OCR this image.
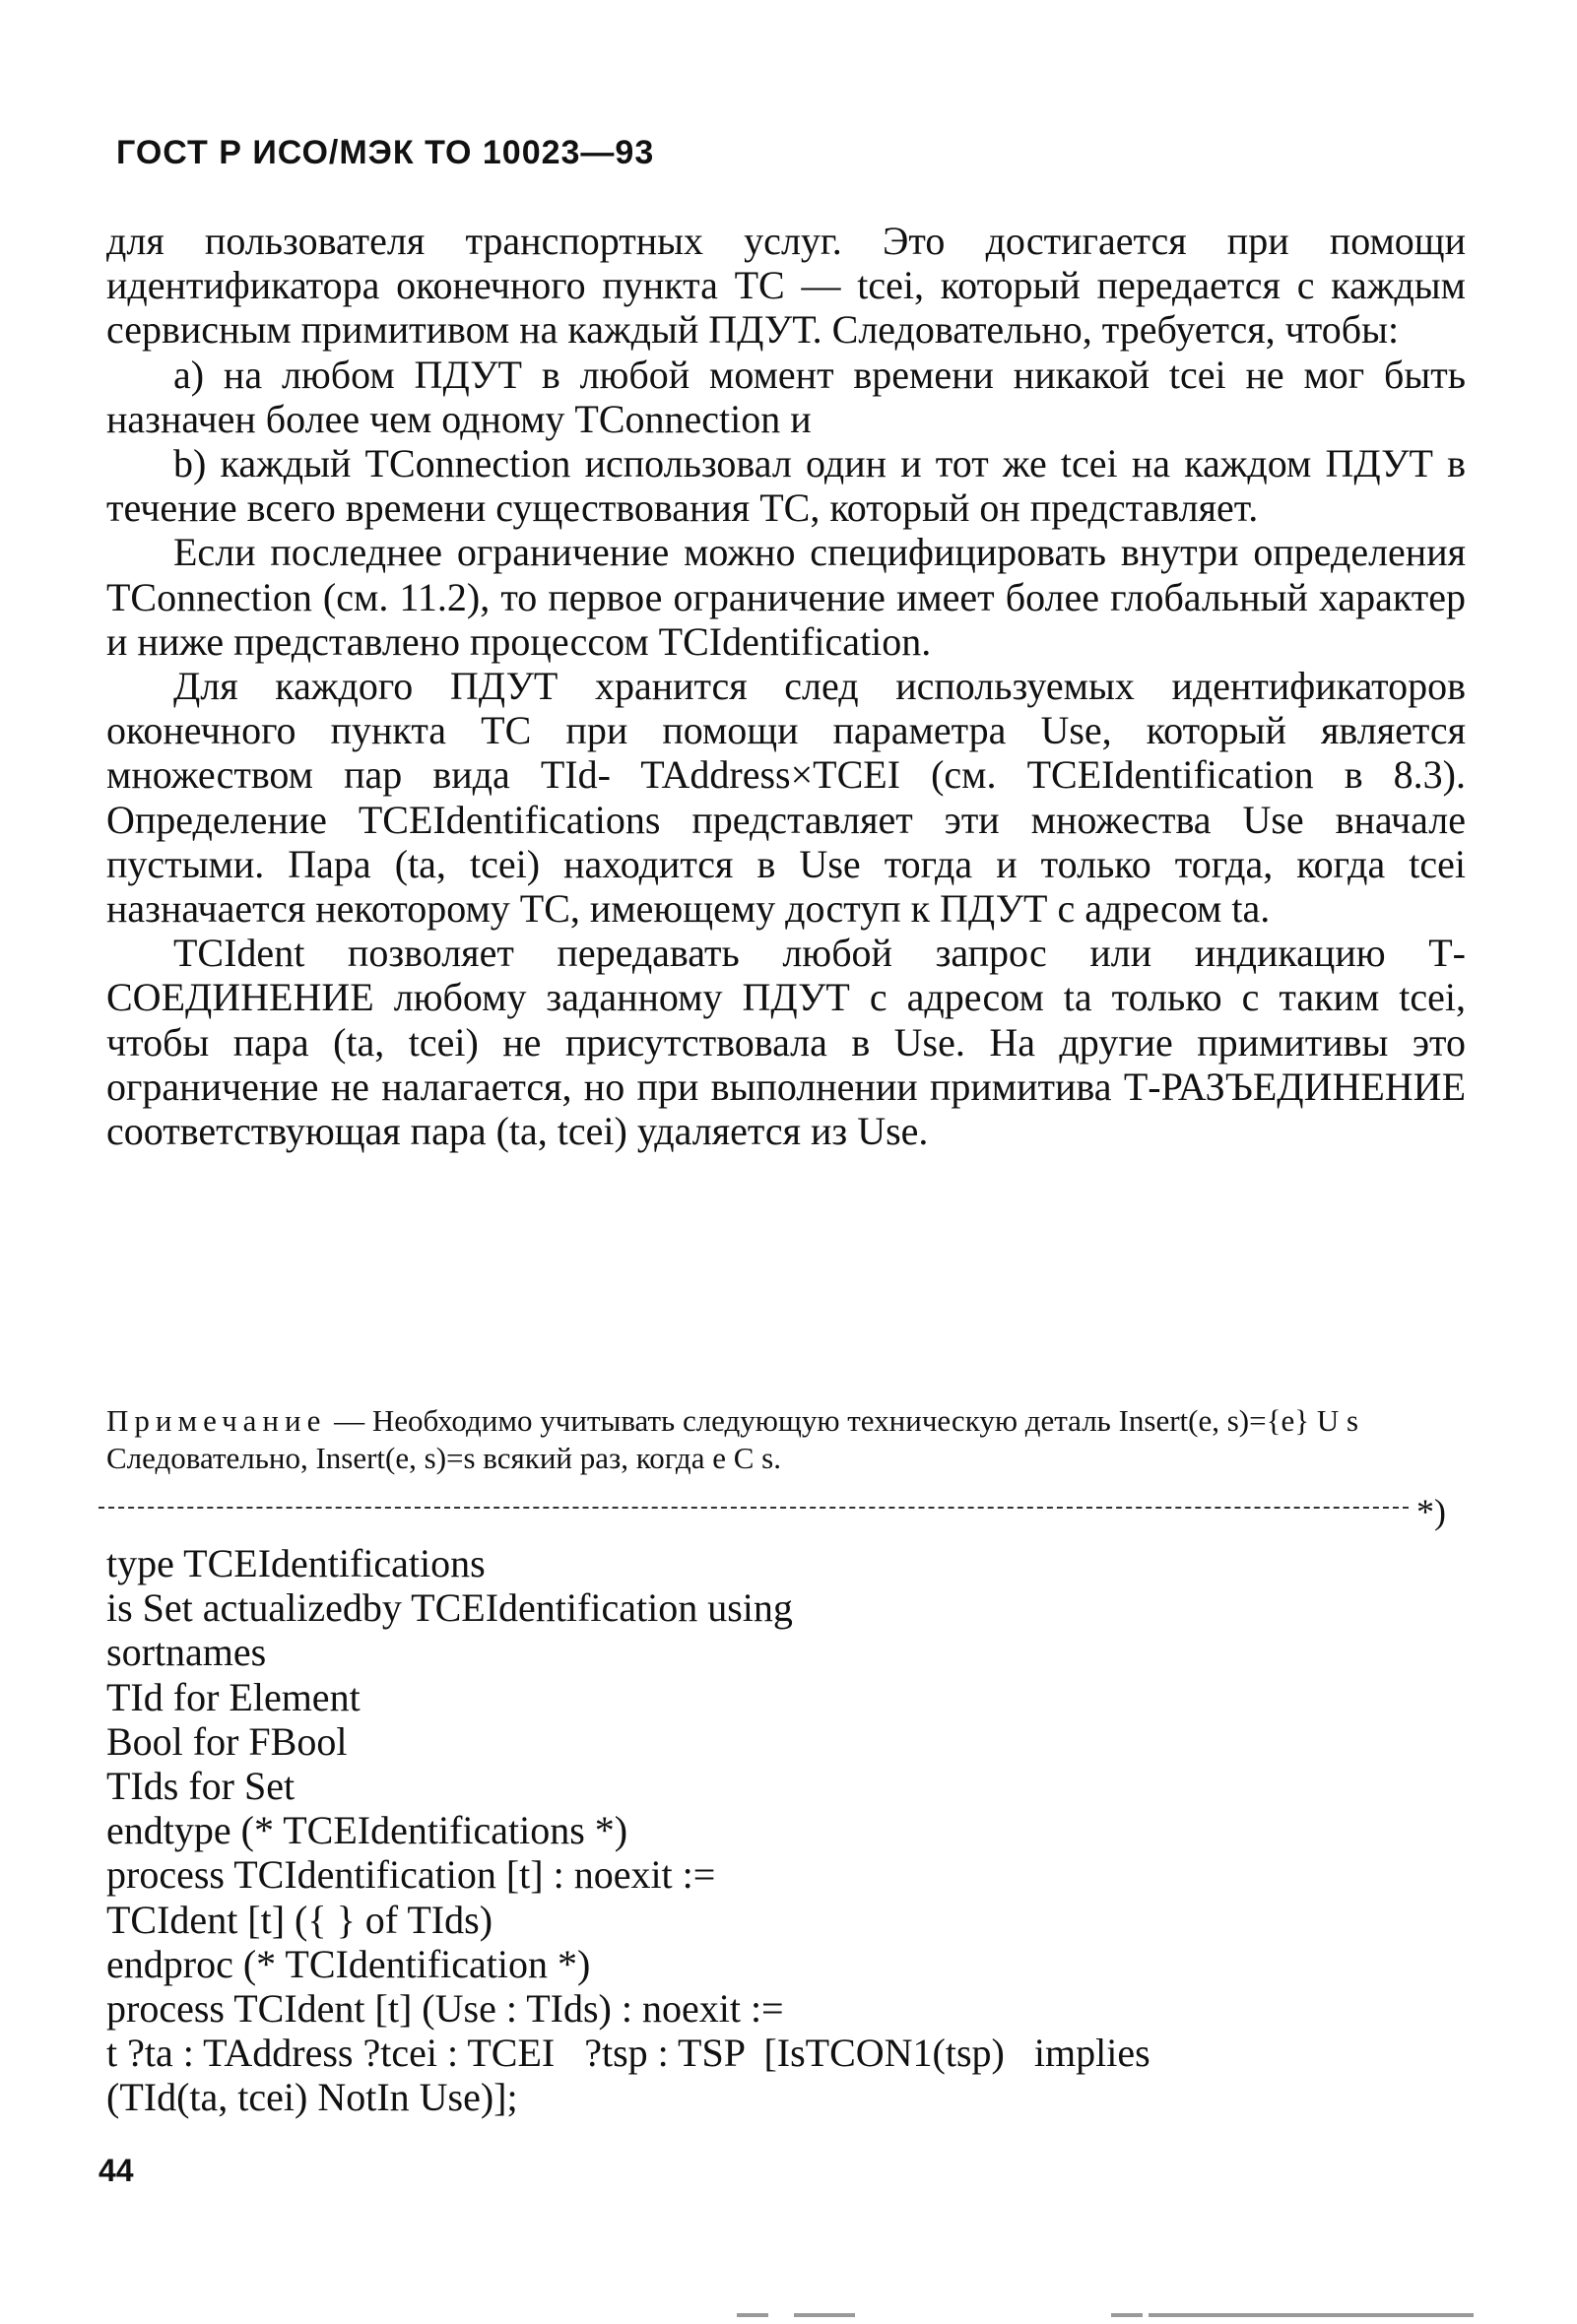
ГОСТ Р ИСО/МЭК ТО 10023—93

для пользователя транспортных услуг. Это достигается при помощи идентификатора оконечного пункта ТС — tcei, который передается с каждым сервисным примитивом на каждый ПДУТ. Следовательно, требуется, чтобы:

а) на любом ПДУТ в любой момент времени никакой tcei не мог быть назначен более чем одному TConnection и

b) каждый TConnection использовал один и тот же tcei на каждом ПДУТ в течение всего времени существования ТС, который он представляет.

Если последнее ограничение можно специфицировать внутри определения TConnection (см. 11.2), то первое ограничение имеет более глобальный характер и ниже представлено процессом TCIdentification.

Для каждого ПДУТ хранится след используемых идентификаторов оконечного пункта ТС при помощи параметра Use, который является множеством пар вида TId- TAddress×TCEI (см. TCEIdentification в 8.3). Определение TCEIdentifications представляет эти множества Use вначале пустыми. Пара (ta, tcei) находится в Use тогда и только тогда, когда tcei назначается некоторому ТС, имеющему доступ к ПДУТ с адресом ta.

TCIdent позволяет передавать любой запрос или индикацию Т-СОЕДИНЕНИЕ любому заданному ПДУТ с адресом ta только с таким tcei, чтобы пара (ta, tcei) не присутствовала в Use. На другие примитивы это ограничение не налагается, но при выполнении примитива Т-РАЗЪЕДИНЕНИЕ соответствующая пара (ta, tcei) удаляется из Use.

Примечание — Необходимо учитывать следующую техническую деталь Insert(e, s)={e} U s Следовательно, Insert(e, s)=s всякий раз, когда e C s.
*)
type TCEIdentifications
is Set actualizedby TCEIdentification using
sortnames
TId for Element
Bool for FBool
TIds for Set
endtype (* TCEIdentifications *)
process TCIdentification [t] : noexit :=
TCIdent [t] ({ } of TIds)
endproc (* TCIdentification *)
process TCIdent [t] (Use : TIds) : noexit :=
t ?ta : TAddress ?tcei : TCEI   ?tsp : TSP  [IsTCON1(tsp)   implies
(TId(ta, tcei) NotIn Use)];
44
